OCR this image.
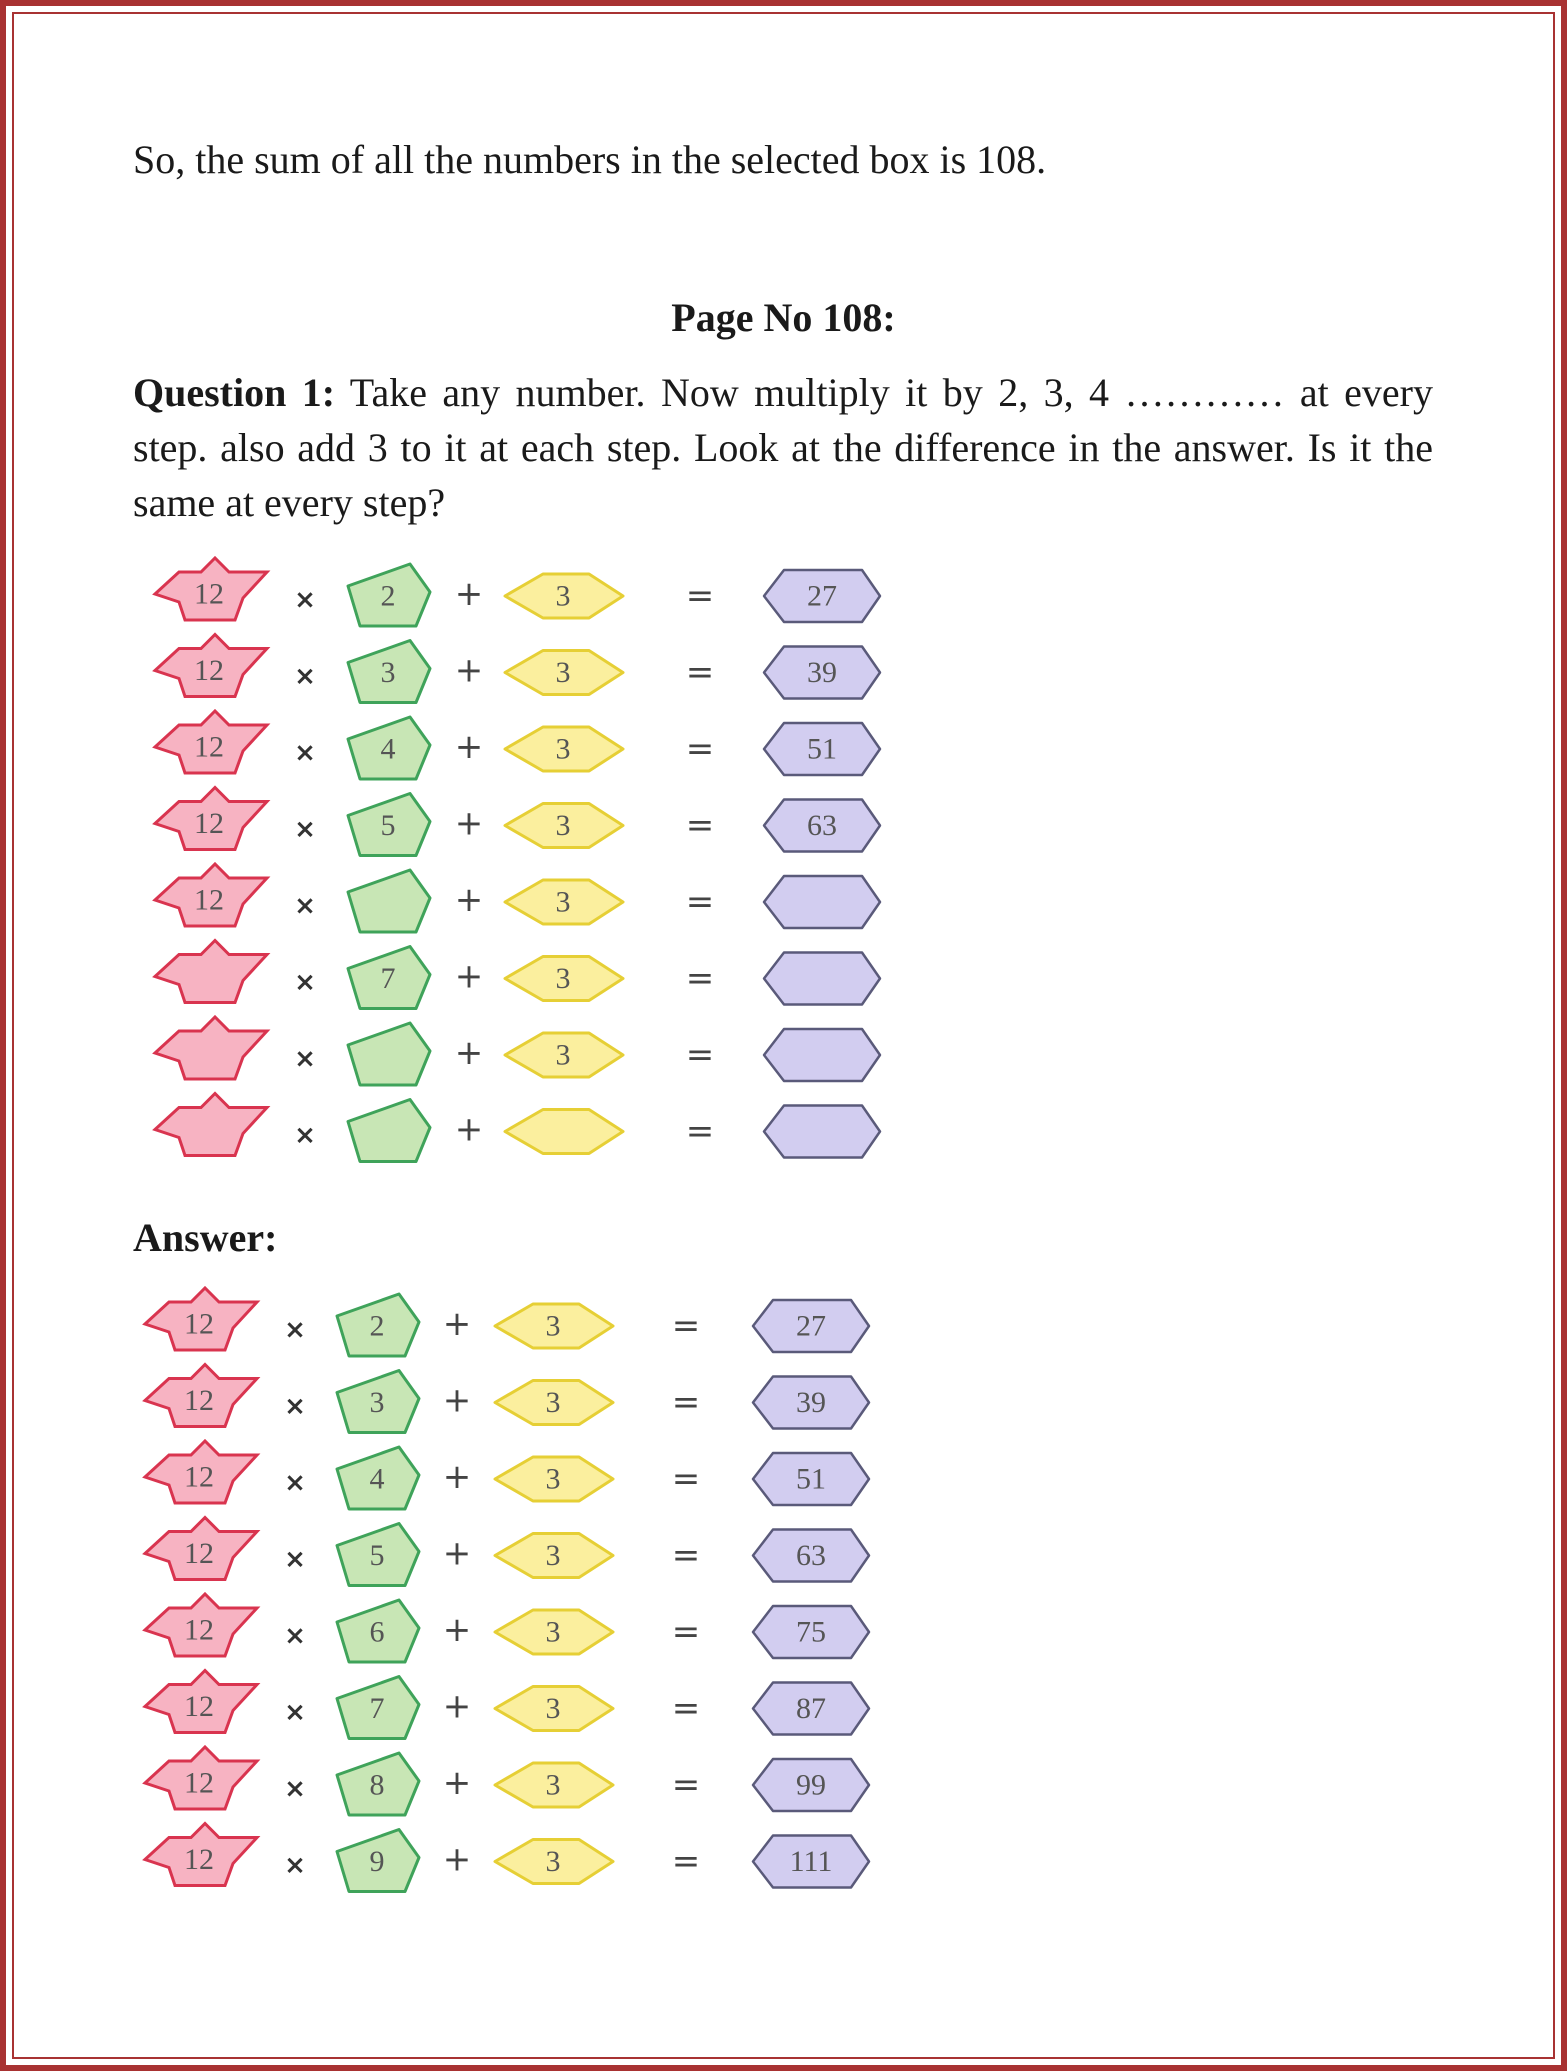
So, the sum of all the numbers in the selected box is 108.
Page No 108:
Question 1: Take any number. Now multiply it by 2, 3, 4 ………… at every step. also add 3 to it at each step. Look at the difference in the answer. Is it the same at every step?
12	× 2 + 3	=	27
12	× 3 + 3	=	39
12	× 4 + 3	=	51
12	× 5 + 3	=	63
12	×	+ 3	=
× 7 + 3	=
×	+ 3	=
×	+	=
Answer:
12	× 2 + 3	=	27
12	× 3 + 3	=	39
12	× 4 + 3	=	51
12	× 5 + 3	=	63
12	× 6 + 3	=	75
12	× 7 + 3	=	87
12	× 8 + 3	=	99
12	× 9 + 3	=	111
